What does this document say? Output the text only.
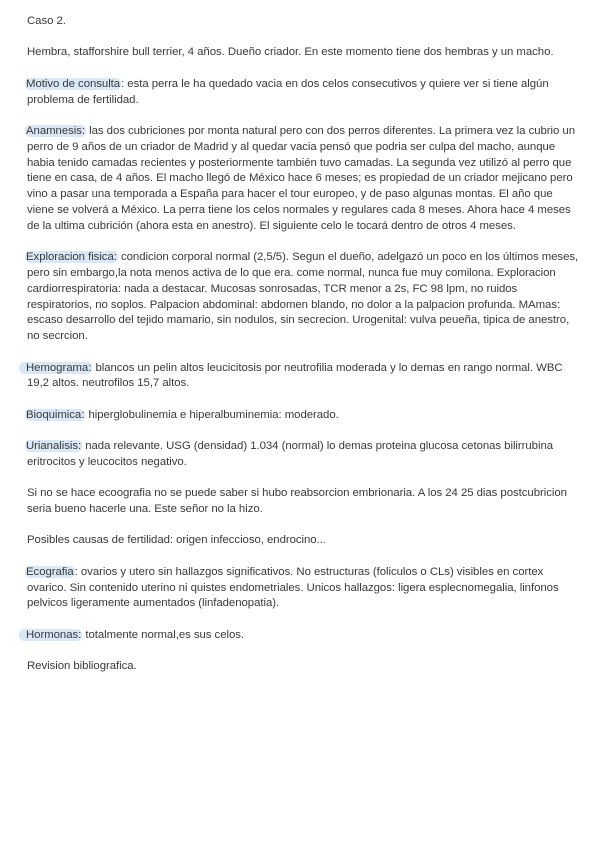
Caso 2.

Hembra, stafforshire bull terrier, 4 años. Dueño criador. En este momento tiene dos hembras y un macho.

Motivo de consulta: esta perra le ha quedado vacia en dos celos consecutivos y quiere ver si tiene algún problema de fertilidad.

Anamnesis: las dos cubriciones por monta natural pero con dos perros diferentes. La primera vez la cubrio un perro de 9 años de un criador de Madrid y al quedar vacia pensó que podria ser culpa del macho, aunque habia tenido camadas recientes y posteriormente también tuvo camadas. La segunda vez utilizó al perro que tiene en casa, de 4 años. El macho llegó de México hace 6 meses; es propiedad de un criador mejicano pero vino a pasar una temporada a España para hacer el tour europeo, y de paso algunas montas. El año que viene se volverá a México. La perra tiene los celos normales y regulares cada 8 meses. Ahora hace 4 meses de la ultima cubrición (ahora esta en anestro). El siguiente celo le tocará dentro de otros 4 meses.

Exploracion fisica: condicion corporal normal (2,5/5). Segun el dueño, adelgazó un poco en los últimos meses, pero sin embargo,la nota menos activa de lo que era. come normal, nunca fue muy comilona. Exploracion cardiorrespiratoria: nada a destacar. Mucosas sonrosadas, TCR menor a 2s, FC 98 lpm, no ruidos respiratorios, no soplos. Palpacion abdominal: abdomen blando, no dolor a la palpacion profunda. MAmas: escaso desarrollo del tejido mamario, sin nodulos, sin secrecion. Urogenital: vulva peueña, tipica de anestro, no secrcion.

Hemograma: blancos un pelin altos leucicitosis por neutrofilia moderada y lo demas en rango normal. WBC 19,2 altos. neutrofilos 15,7 altos.

Bioquimica: hiperglobulinemia e hiperalbuminemia: moderado.

Urianalisis: nada relevante. USG (densidad) 1.034 (normal) lo demas proteina glucosa cetonas bilirrubina eritrocitos y leucocitos negativo.

Si no se hace ecoografia no se puede saber si hubo reabsorcion embrionaria. A los 24 25 dias postcubricion seria bueno hacerle una. Este señor no la hizo.

Posibles causas de fertilidad: origen infeccioso, endrocino...

Ecografia: ovarios y utero sin hallazgos significativos. No estructuras (foliculos o CLs) visibles en cortex ovarico. Sin contenido uterino ni quistes endometriales. Unicos hallazgos: ligera esplecnomegalia, linfonos pelvicos ligeramente aumentados (linfadenopatia).

Hormonas: totalmente normal,es sus celos.

Revision bibliografica.
